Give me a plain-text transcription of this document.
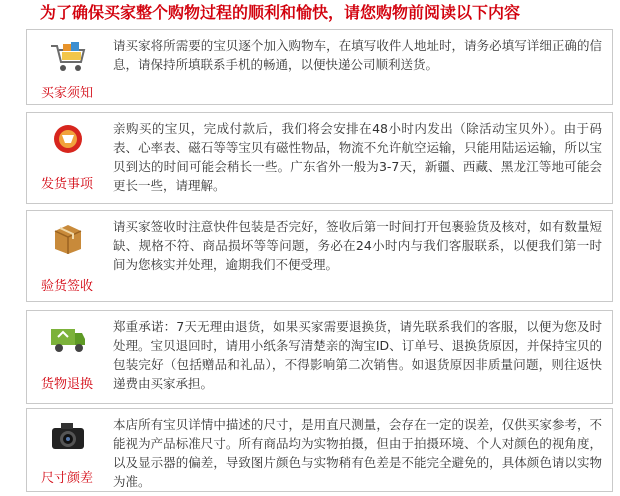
为了确保买家整个购物过程的顺利和愉快，请您购物前阅读以下内容
买家须知
请买家将所需要的宝贝逐个加入购物车，在填写收件人地址时，请务必填写详细正确的信息，请保持所填联系手机的畅通，以便快递公司顺利送货。
发货事项
亲购买的宝贝，完成付款后，我们将会安排在48小时内发出（除活动宝贝外）。由于码表、心率表、磁石等等宝贝有磁性物品，物流不允许航空运输，只能用陆运运输，所以宝贝到达的时间可能会稍长一些。广东省外一般为3-7天，新疆、西藏、黑龙江等地可能会更长一些，请理解。
验货签收
请买家签收时注意快件包装是否完好，签收后第一时间打开包裹验货及核对，如有数量短缺、规格不符、商品损坏等等问题，务必在24小时内与我们客服联系，以便我们第一时间为您核实并处理，逾期我们不便受理。
货物退换
郑重承诺：7天无理由退货，如果买家需要退换货，请先联系我们的客服，以便为您及时处理。宝贝退回时，请用小纸条写清楚亲的淘宝ID、订单号、退换货原因，并保持宝贝的包装完好（包括赠品和礼品），不得影响第二次销售。如退货原因非质量问题，则往返快递费由买家承担。
尺寸颜差
本店所有宝贝详情中描述的尺寸，是用直尺测量，会存在一定的误差，仅供买家参考，不能视为产品标准尺寸。所有商品均为实物拍摄，但由于拍摄环境、个人对颜色的视角度，以及显示器的偏差，导致图片颜色与实物稍有色差是不能完全避免的，具体颜色请以实物为准。
